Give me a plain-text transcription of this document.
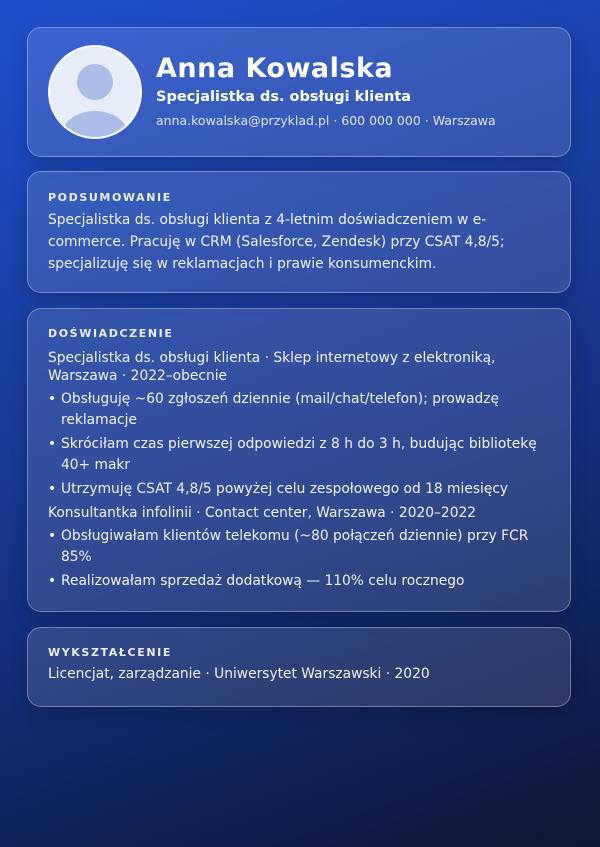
Anna Kowalska
Specjalistka ds. obsługi klienta
anna.kowalska@przyklad.pl · 600 000 000 · Warszawa
PODSUMOWANIE
Specjalistka ds. obsługi klienta z 4-letnim doświadczeniem w e-commerce. Pracuję w CRM (Salesforce, Zendesk) przy CSAT 4,8/5; specjalizuję się w reklamacjach i prawie konsumenckim.
DOŚWIADCZENIE
Specjalistka ds. obsługi klienta · Sklep internetowy z elektroniką, Warszawa · 2022–obecnie
• Obsługuję ~60 zgłoszeń dziennie (mail/chat/telefon); prowadzę reklamacje
• Skróciłam czas pierwszej odpowiedzi z 8 h do 3 h, budując bibliotekę 40+ makr
• Utrzymuję CSAT 4,8/5 powyżej celu zespołowego od 18 miesięcy
Konsultantka infolinii · Contact center, Warszawa · 2020–2022
• Obsługiwałam klientów telekomu (~80 połączeń dziennie) przy FCR 85%
• Realizowałam sprzedaż dodatkową — 110% celu rocznego
WYKSZTAŁCENIE
Licencjat, zarządzanie · Uniwersytet Warszawski · 2020
